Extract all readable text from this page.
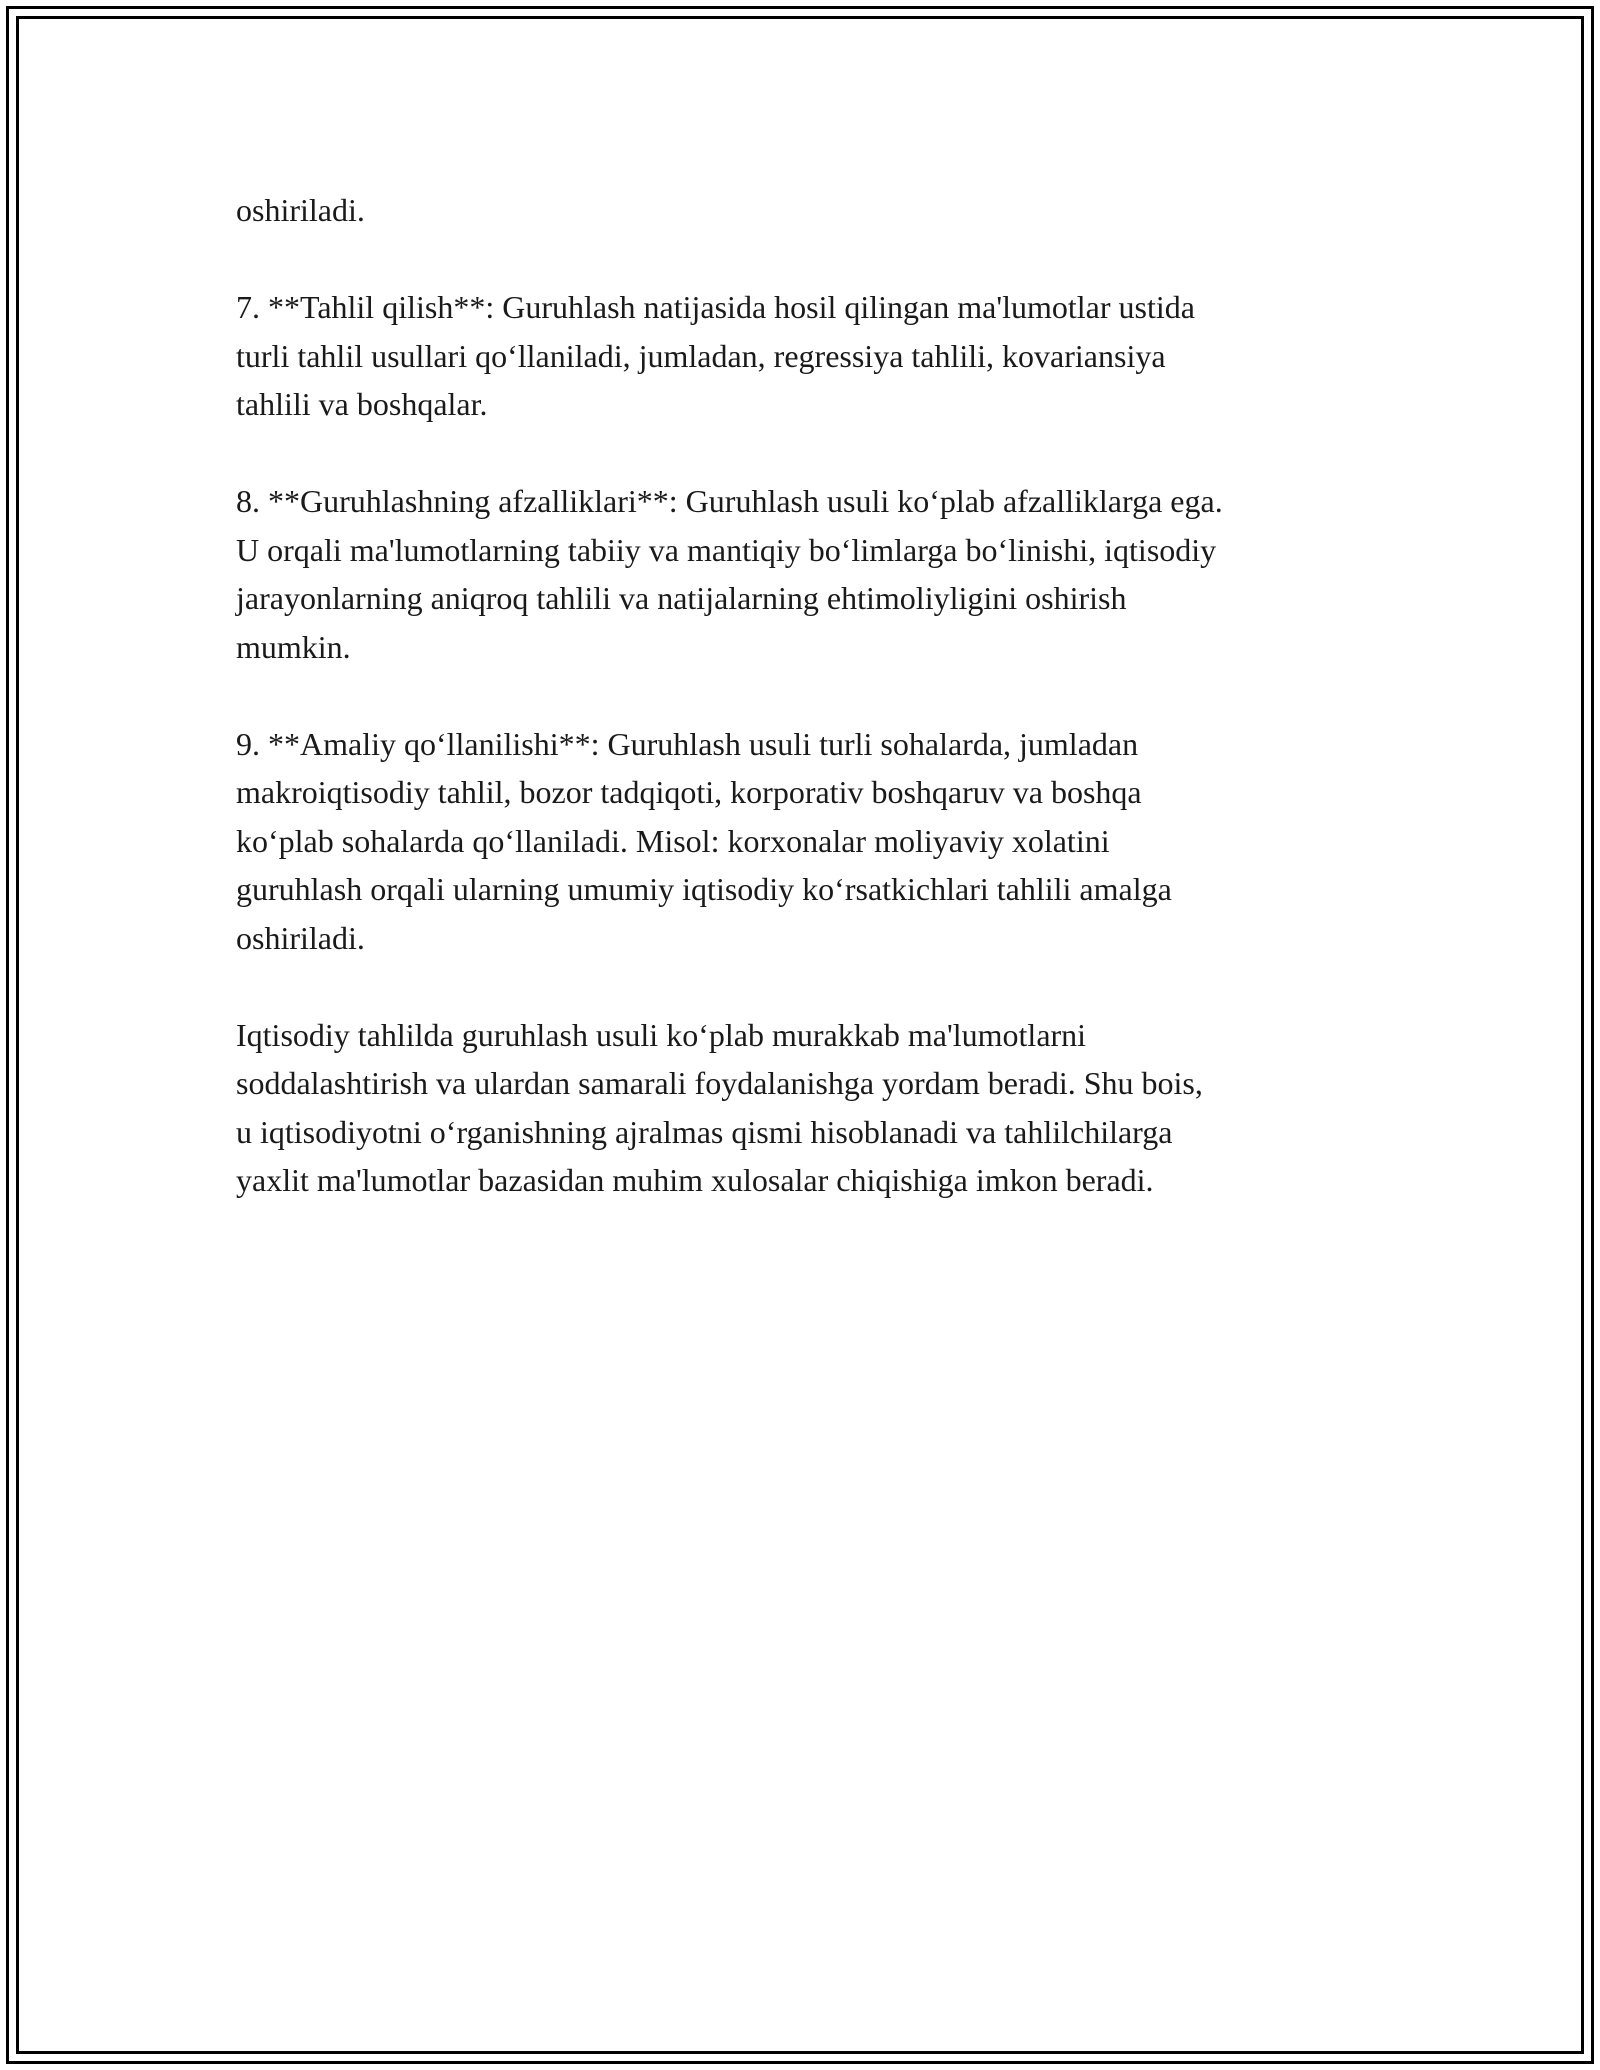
oshiriladi.

7. **Tahlil qilish**: Guruhlash natijasida hosil qilingan ma'lumotlar ustida
turli tahlil usullari qo‘llaniladi, jumladan, regressiya tahlili, kovariansiya
tahlili va boshqalar.

8. **Guruhlashning afzalliklari**: Guruhlash usuli ko‘plab afzalliklarga ega.
U orqali ma'lumotlarning tabiiy va mantiqiy bo‘limlarga bo‘linishi, iqtisodiy
jarayonlarning aniqroq tahlili va natijalarning ehtimoliyligini oshirish
mumkin.

9. **Amaliy qo‘llanilishi**: Guruhlash usuli turli sohalarda, jumladan
makroiqtisodiy tahlil, bozor tadqiqoti, korporativ boshqaruv va boshqa
ko‘plab sohalarda qo‘llaniladi. Misol: korxonalar moliyaviy xolatini
guruhlash orqali ularning umumiy iqtisodiy ko‘rsatkichlari tahlili amalga
oshiriladi.

Iqtisodiy tahlilda guruhlash usuli ko‘plab murakkab ma'lumotlarni
soddalashtirish va ulardan samarali foydalanishga yordam beradi. Shu bois,
u iqtisodiyotni o‘rganishning ajralmas qismi hisoblanadi va tahlilchilarga
yaxlit ma'lumotlar bazasidan muhim xulosalar chiqishiga imkon beradi.
